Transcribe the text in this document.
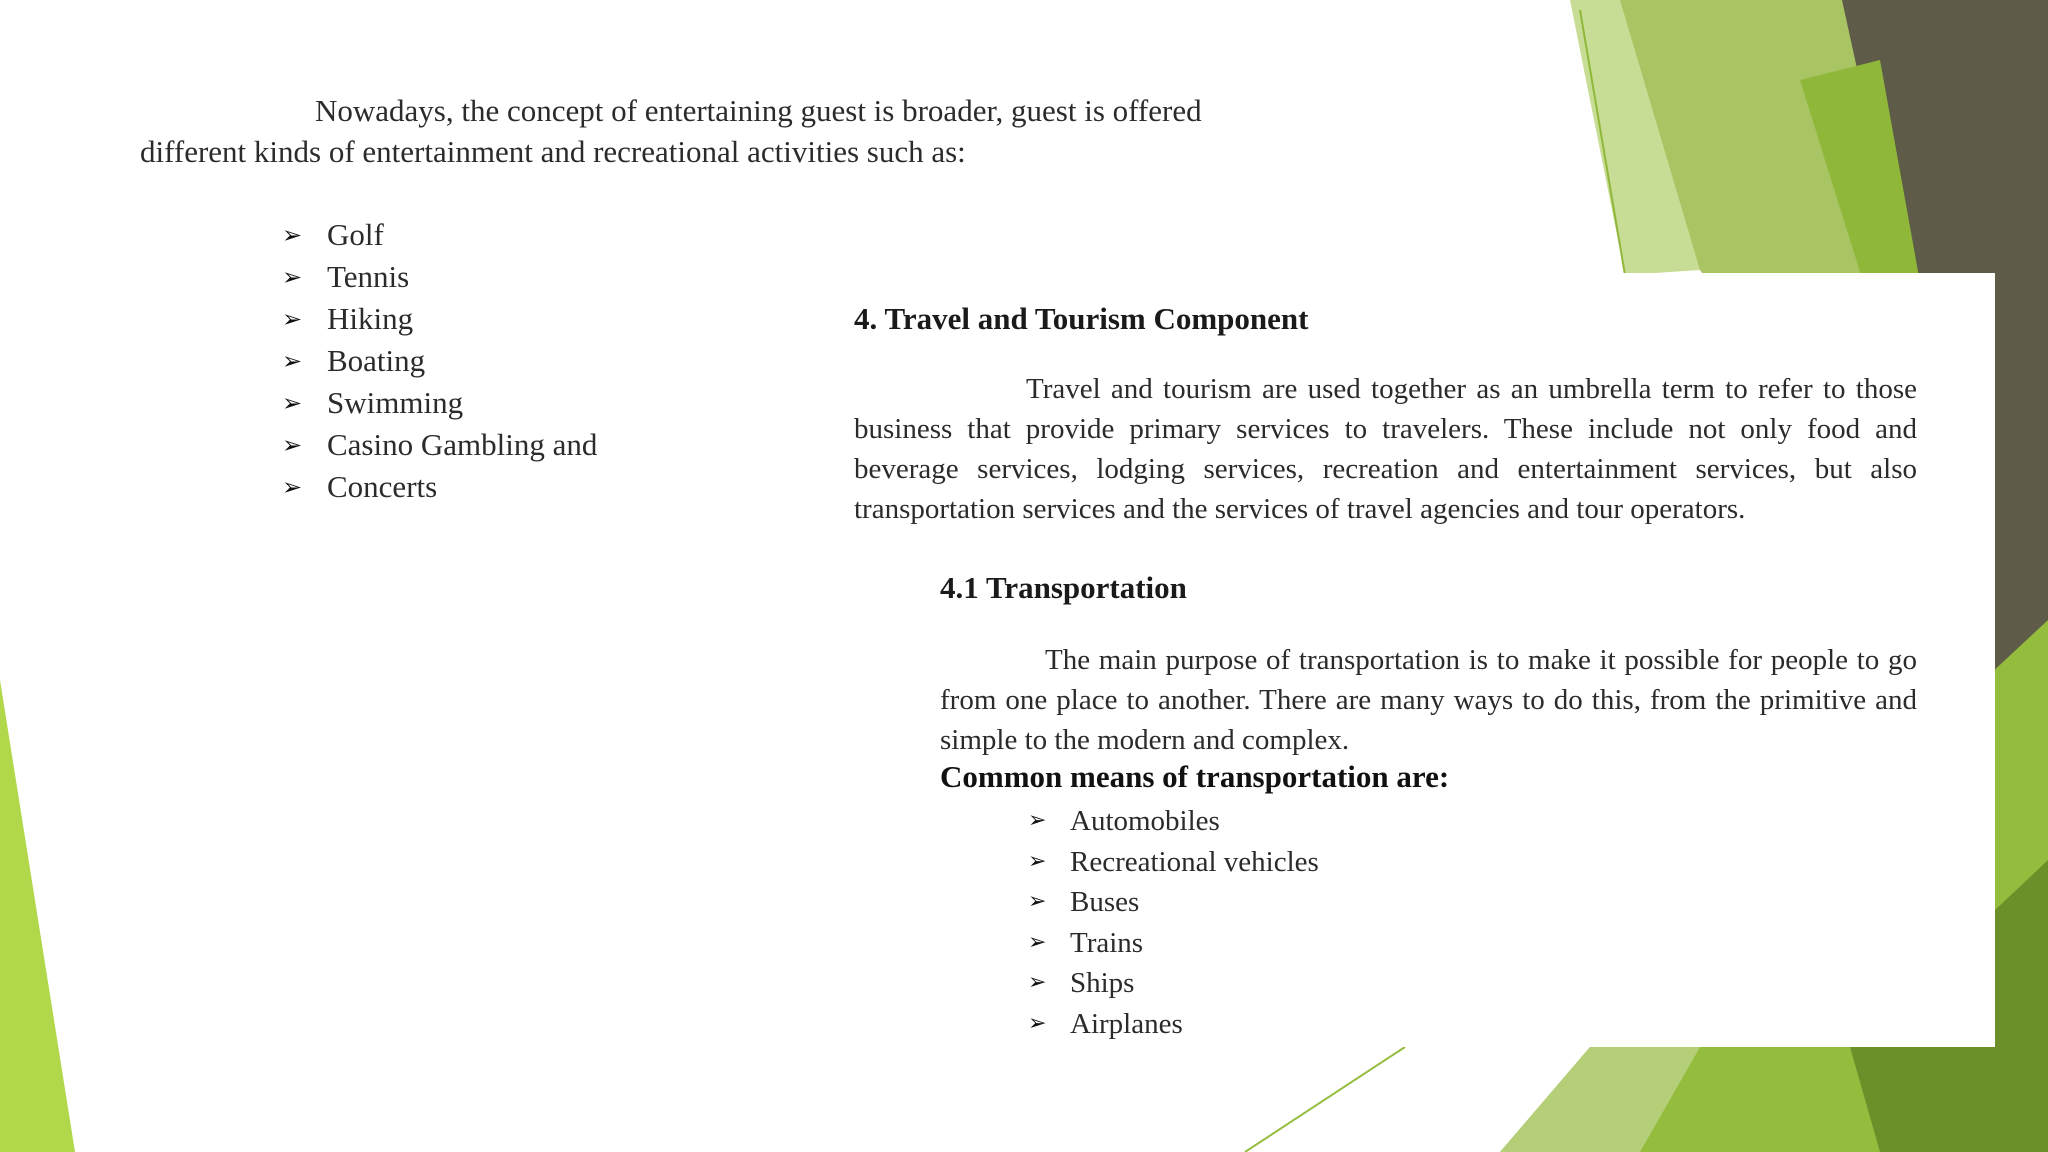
Nowadays, the concept of entertaining guest is broader, guest is offered different kinds of entertainment and recreational activities such as:

➢ Golf
➢ Tennis
➢ Hiking
➢ Boating
➢ Swimming
➢ Casino Gambling and
➢ Concerts

4. Travel and Tourism Component

Travel and tourism are used together as an umbrella term to refer to those business that provide primary services to travelers. These include not only food and beverage services, lodging services, recreation and entertainment services, but also transportation services and the services of travel agencies and tour operators.

4.1 Transportation

The main purpose of transportation is to make it possible for people to go from one place to another. There are many ways to do this, from the primitive and simple to the modern and complex.

Common means of transportation are:

➢ Automobiles
➢ Recreational vehicles
➢ Buses
➢ Trains
➢ Ships
➢ Airplanes
